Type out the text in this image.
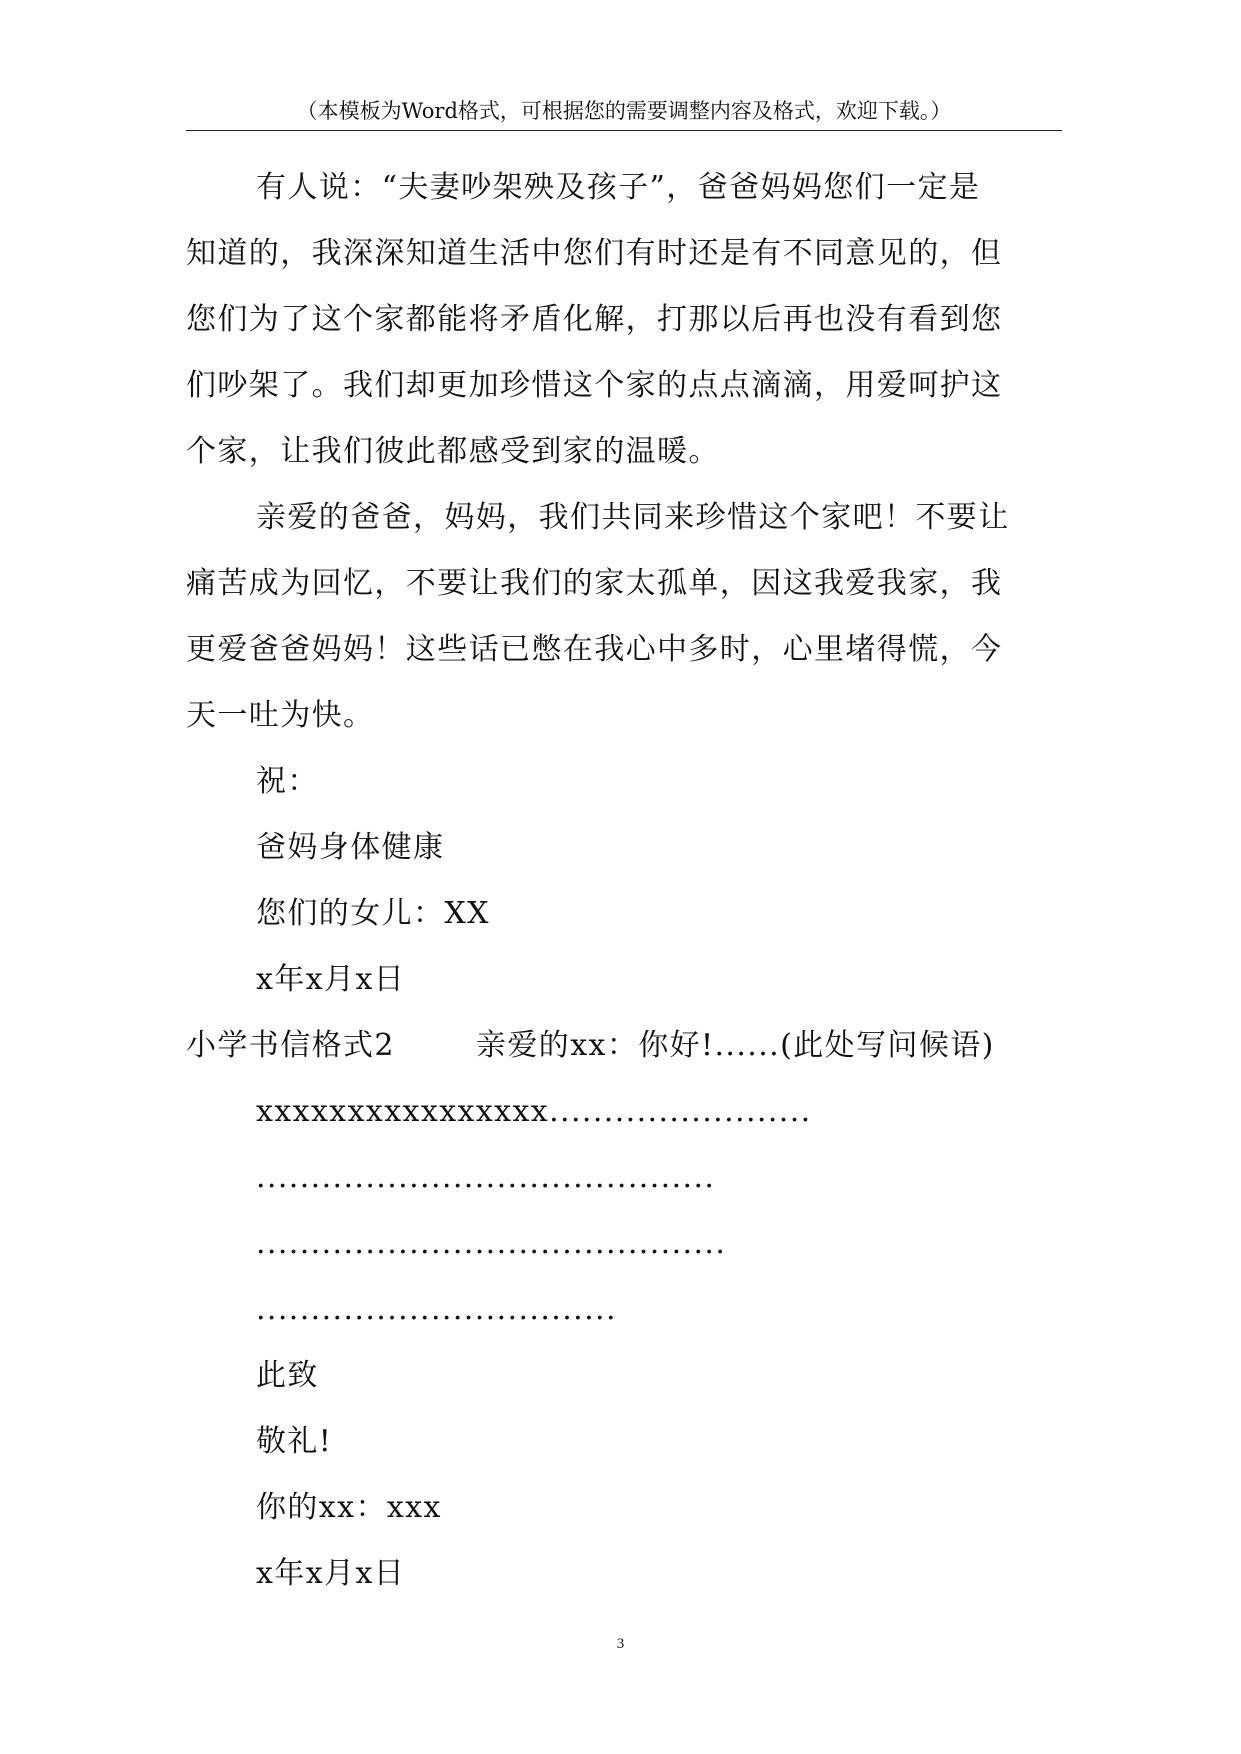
（本模板为Word格式，可根据您的需要调整内容及格式，欢迎下载。）
有人说：“夫妻吵架殃及孩子”，爸爸妈妈您们一定是
知道的，我深深知道生活中您们有时还是有不同意见的，但
您们为了这个家都能将矛盾化解，打那以后再也没有看到您
们吵架了。我们却更加珍惜这个家的点点滴滴，用爱呵护这
个家，让我们彼此都感受到家的温暖。
亲爱的爸爸，妈妈，我们共同来珍惜这个家吧！不要让
痛苦成为回忆，不要让我们的家太孤单，因这我爱我家，我
更爱爸爸妈妈！这些话已憋在我心中多时，心里堵得慌，今
天一吐为快。
祝：
爸妈身体健康
您们的女儿：XX
x年x月x日
小学书信格式2	亲爱的xx：你好!......(此处写问候语)
xxxxxxxxxxxxxxxx........................
..........................................
...........................................
.................................
此致
敬礼!
你的xx：xxx
x年x月x日
3
